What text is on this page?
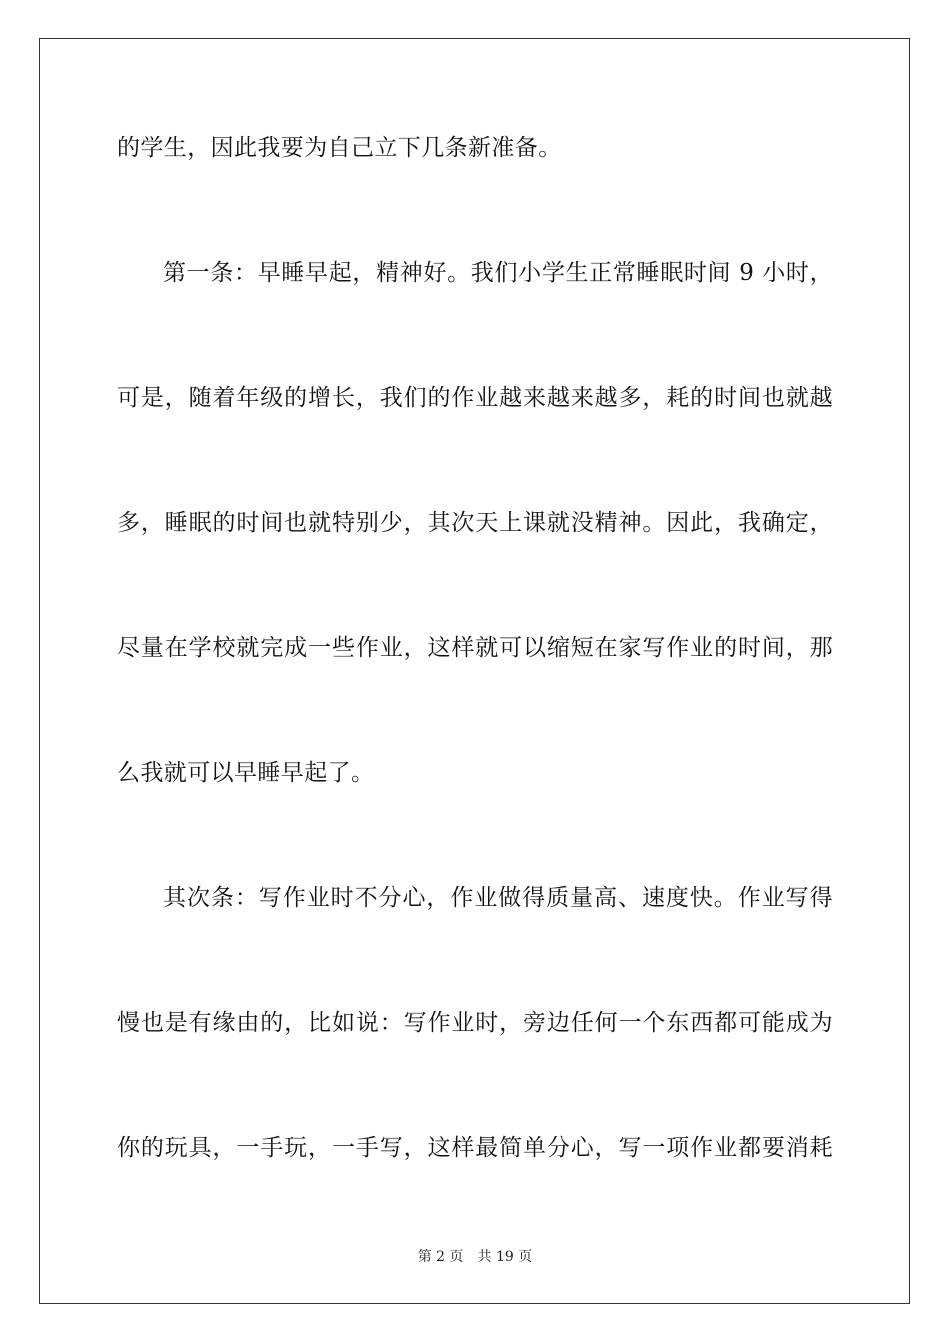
的学生，因此我要为自己立下几条新准备。
第一条：早睡早起，精神好。我们小学生正常睡眠时间 9 小时，
可是，随着年级的增长，我们的作业越来越来越多，耗的时间也就越
多，睡眠的时间也就特别少，其次天上课就没精神。因此，我确定，
尽量在学校就完成一些作业，这样就可以缩短在家写作业的时间，那
么我就可以早睡早起了。
其次条：写作业时不分心，作业做得质量高、速度快。作业写得
慢也是有缘由的，比如说：写作业时，旁边任何一个东西都可能成为
你的玩具，一手玩，一手写，这样最简单分心，写一项作业都要消耗
第 2 页 共 19 页
